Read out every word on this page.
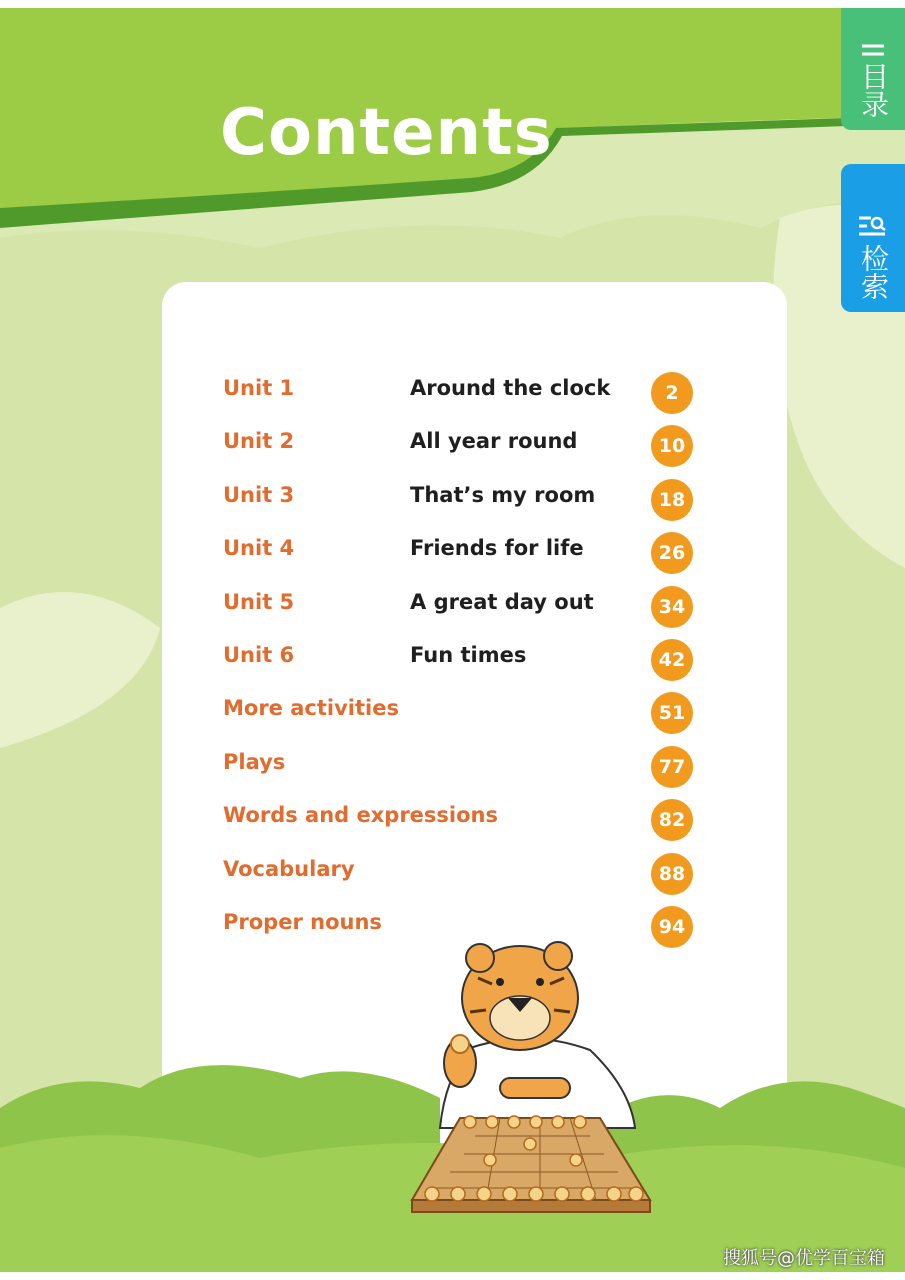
Contents
Unit 1	Around the clock	2
Unit 2	All year round	10
Unit 3	That’s my room	18
Unit 4	Friends for life	26
Unit 5	A great day out	34
Unit 6	Fun times	42
More activities	51
Plays	77
Words and expressions	82
Vocabulary	88
Proper nouns	94
目录
检索
搜狐号@优学百宝箱
